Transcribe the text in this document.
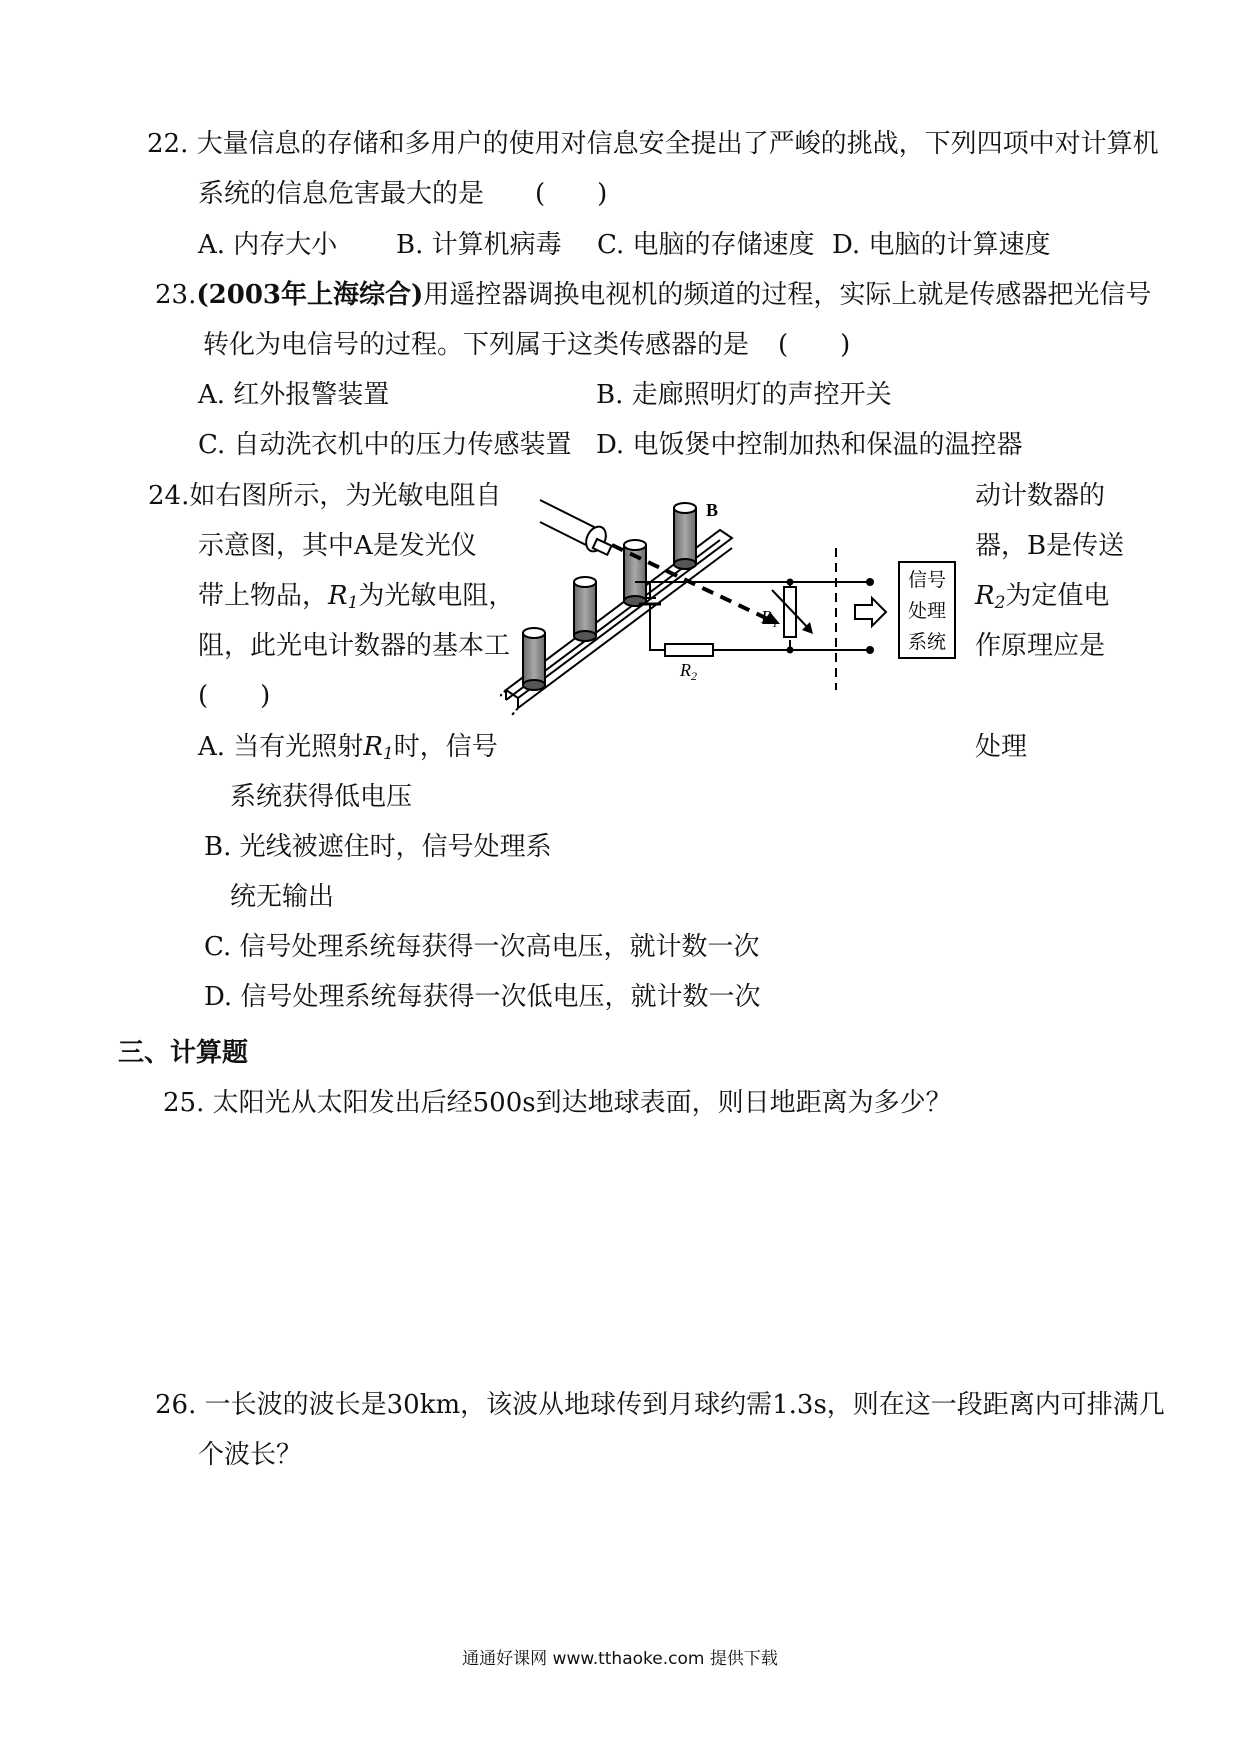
22. 大量信息的存储和多用户的使用对信息安全提出了严峻的挑战，下列四项中对计算机
系统的信息危害最大的是 (　　)
A. 内存大小 B. 计算机病毒 C. 电脑的存储速度 D. 电脑的计算速度
23.(2003年上海综合)用遥控器调换电视机的频道的过程，实际上就是传感器把光信号
转化为电信号的过程。下列属于这类传感器的是 (　　)
A. 红外报警装置	B. 走廊照明灯的声控开关
C. 自动洗衣机中的压力传感装置 D. 电饭煲中控制加热和保温的温控器
24.如右图所示，为光敏电阻自	动计数器的
示意图，其中A是发光仪	器，B是传送
带上物品，$R_1$为光敏电阻，	$R_2$为定值电
阻，此光电计数器的基本工	作原理应是
(　　)
A. 当有光照射$R_1$时，信号	处理
系统获得低电压
B. 光线被遮住时，信号处理系
统无输出
C. 信号处理系统每获得一次高电压，就计数一次
D. 信号处理系统每获得一次低电压，就计数一次
B
$R_1$
$R_2$
信号
处理
系统
三、计算题
25. 太阳光从太阳发出后经500s到达地球表面，则日地距离为多少？
26. 一长波的波长是30km，该波从地球传到月球约需1.3s，则在这一段距离内可排满几
个波长？
通通好课网 www.tthaoke.com 提供下载
